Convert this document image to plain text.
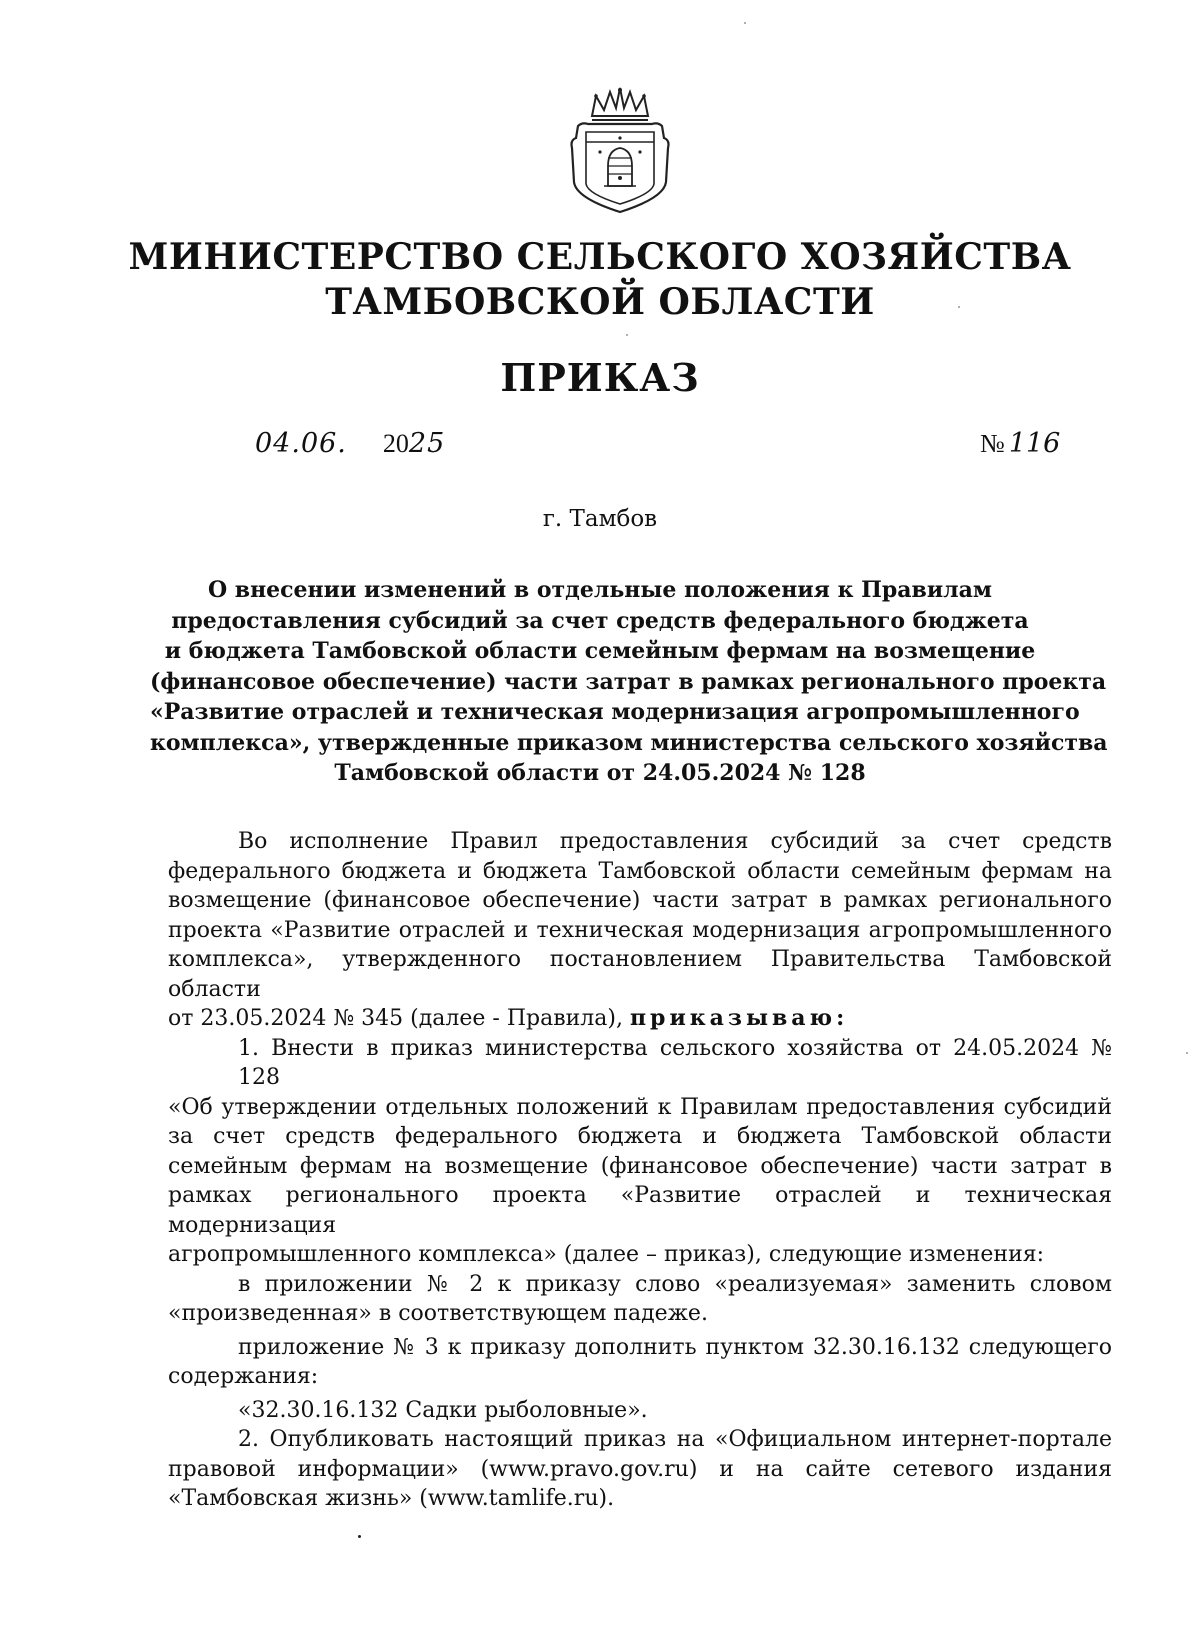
МИНИСТЕРСТВО СЕЛЬСКОГО ХОЗЯЙСТВА
ТАМБОВСКОЙ ОБЛАСТИ
ПРИКАЗ
04.06. 2025	№ 116
г. Тамбов
О внесении изменений в отдельные положения к Правилам
предоставления субсидий за счет средств федерального бюджета
и бюджета Тамбовской области семейным фермам на возмещение
(финансовое обеспечение) части затрат в рамках регионального проекта
«Развитие отраслей и техническая модернизация агропромышленного
комплекса», утвержденные приказом министерства сельского хозяйства
Тамбовской области от 24.05.2024 № 128
Во исполнение Правил предоставления субсидий за счет средств
федерального бюджета и бюджета Тамбовской области семейным фермам на
возмещение (финансовое обеспечение) части затрат в рамках регионального
проекта «Развитие отраслей и техническая модернизация агропромышленного
комплекса», утвержденного постановлением Правительства Тамбовской области
от 23.05.2024 № 345 (далее - Правила), приказываю:
1. Внести в приказ министерства сельского хозяйства от 24.05.2024 № 128
«Об утверждении отдельных положений к Правилам предоставления субсидий
за счет средств федерального бюджета и бюджета Тамбовской области
семейным фермам на возмещение (финансовое обеспечение) части затрат в
рамках регионального проекта «Развитие отраслей и техническая модернизация
агропромышленного комплекса» (далее – приказ), следующие изменения:
в приложении № 2 к приказу слово «реализуемая» заменить словом
«произведенная» в соответствующем падеже.
приложение № 3 к приказу дополнить пунктом 32.30.16.132 следующего
содержания:
«32.30.16.132 Садки рыболовные».
2. Опубликовать настоящий приказ на «Официальном интернет-портале
правовой информации» (www.pravo.gov.ru) и на сайте сетевого издания
«Тамбовская жизнь» (www.tamlife.ru).
